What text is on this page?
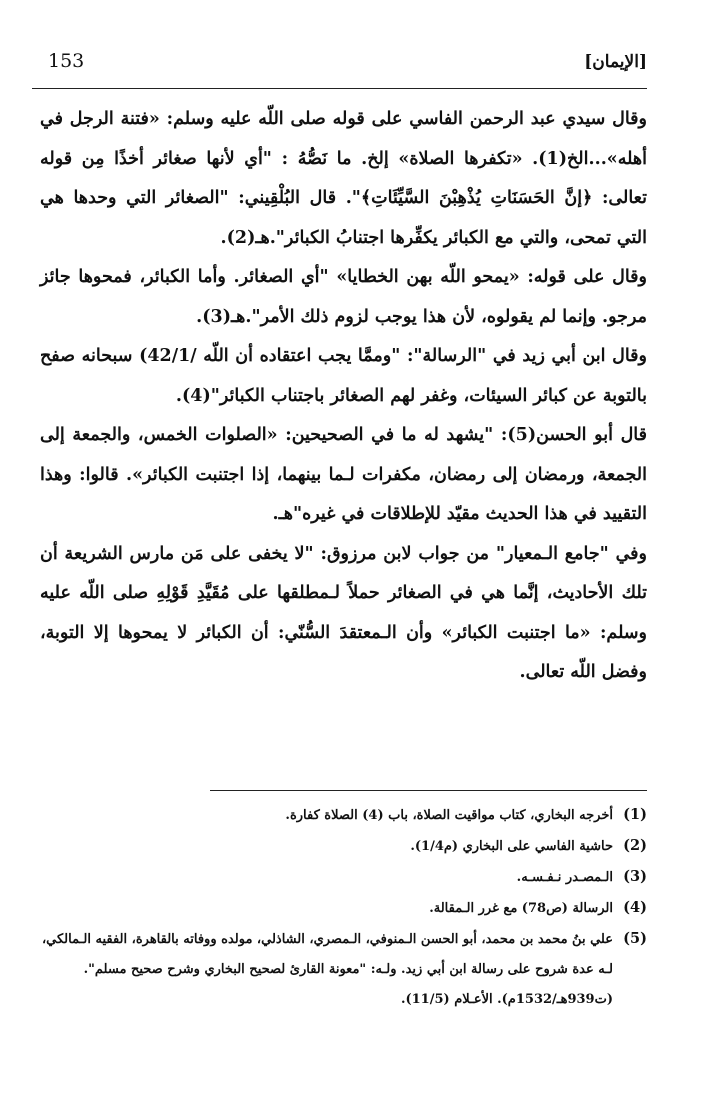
[الإيمان]
153

وقال سيدي عبد الرحمن الفاسي على قوله صلى اللّه عليه وسلم: «فتنة الرجل في أهله»...الخ(1). «تكفرها الصلاة» إلخ. ما نَصُّهُ : "أي لأنها صغائر أخذًا مِن قوله تعالى: ﴿إنَّ الحَسَنَاتِ يُذْهِبْنَ السَّيِّئَاتِ﴾". قال البُلْقِيني: "الصغائر التي وحدها هي التي تمحى، والتي مع الكبائر يكفِّرها اجتنابُ الكبائر".هـ(2).

وقال على قوله: «يمحو اللّه بهن الخطايا» "أي الصغائر. وأما الكبائر، فمحوها جائز مرجو. وإنما لم يقولوه، لأن هذا يوجب لزوم ذلك الأمر".هـ(3).

وقال ابن أبي زيد في "الرسالة": "وممَّا يجب اعتقاده أن اللّه /42/1) سبحانه صفح بالتوبة عن كبائر السيئات، وغفر لهم الصغائر باجتناب الكبائر"(4).

قال أبو الحسن(5): "يشهد له ما في الصحيحين: «الصلوات الخمس، والجمعة إلى الجمعة، ورمضان إلى رمضان، مكفرات لـما بينهما، إذا اجتنبت الكبائر». قالوا: وهذا التقييد في هذا الحديث مقيّد للإطلاقات في غيره"هـ.

وفي "جامع الـمعيار" من جواب لابن مرزوق: "لا يخفى على مَن مارس الشريعة أن تلك الأحاديث، إنَّما هي في الصغائر حملاً لـمطلقها على مُقَيَّدِ قَوْلِهِ صلى اللّه عليه وسلم: «ما اجتنبت الكبائر» وأن الـمعتقدَ السُّنّي: أن الكبائر لا يمحوها إلا التوبة، وفضل اللّه تعالى.

(1)
أخرجه البخاري، كتاب مواقيت الصلاة، باب (4) الصلاة كفارة.
(2)
حاشية الفاسي على البخاري (م1/4).
(3)
الـمصـدر نـفـسـه.
(4)
الرسالة (ص78) مع غرر الـمقالة.
(5)
علي بنُ محمد بن محمد، أبو الحسن الـمنوفي، الـمصري، الشاذلي، مولده ووفاته بالقاهرة، الفقيه الـمالكي، لـه عدة شروح على رسالة ابن أبي زيد. ولـه: "معونة القارئ لصحيح البخاري وشرح صحيح مسلم". (ت939هـ/1532م). الأعـلام (11/5).
